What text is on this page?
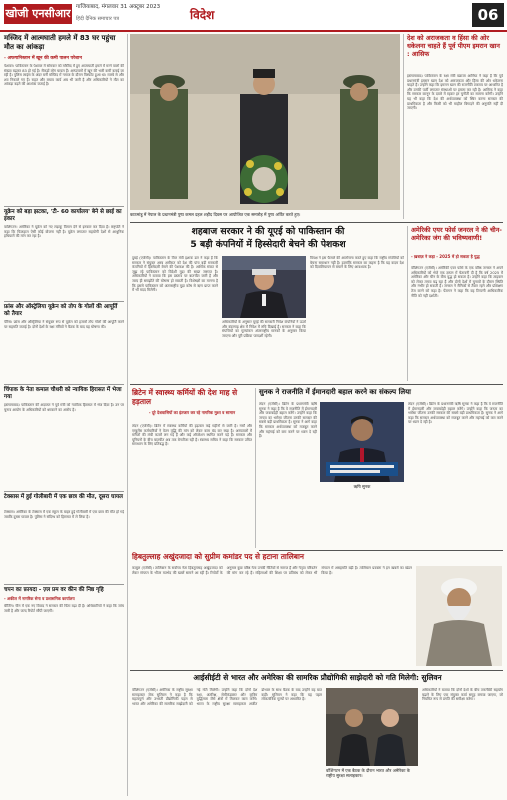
खोजी एनसीआर गाजियाबाद, मंगलवार 31 अक्टूबर 2023
हिंदी दैनिक समाचार पत्र	विदेश	06
मस्जिद में आत्मघाती हमले में 83 घर पहुंचा मौत का आंकड़ा
- अफगानिस्तान में खून की कमी पालन परेशान
पेशावर। पाकिस्तान के पेशावर में सोमवार को मस्जिद में हुए आत्मघाती हमले में मरने वालों की संख्या बढ़कर 83 हो गई है। सैकड़ों लोग घायल हैं। अस्पतालों में खून की भारी कमी बताई जा रही है। पुलिस लाइंस के अंदर बनी मस्जिद में नमाज के दौरान विस्फोट हुआ था। मलबे से और शव निकाले गए हैं। राहत और बचाव कार्य अब भी जारी है और अधिकारियों ने मौत का आंकड़ा बढ़ने की आशंका जताई है।
यूक्रेन को बड़ा झटका, 'टी- 60 कार्यालय' बेने से छाई का इंकार
वाशिंगटन। अमेरिका ने यूक्रेन को नए लड़ाकू विमान देने से इनकार कर दिया है। राष्ट्रपति ने कहा कि फिलहाल ऐसी कोई योजना नहीं है। यूक्रेन लगातार सहयोगी देशों से आधुनिक हथियारों की मांग कर रहा है।
फ्रांस और ऑस्ट्रेलिया यूक्रेन को तोप के गोलों की आपूर्ति को तैयार
पेरिस। फ्रांस और ऑस्ट्रेलिया ने संयुक्त रूप से यूक्रेन को हजारों तोप गोलों की आपूर्ति करने पर सहमति जताई है। दोनों देशों के रक्षा मंत्रियों ने बैठक के बाद यह घोषणा की।
चिंपाक के नेता कमाल चौधरी को न्यायिक हिरासत में भेजा गया
इस्लामाबाद। पाकिस्तान की अदालत ने पूर्व मंत्री को न्यायिक हिरासत में भेज दिया है। उन पर चुनाव आयोग के अधिकारियों को धमकाने का आरोप है।
टेक्सास में हुई गोलीबारी में एक छात्र की मौत, दूसरा घायल
टेक्सास। अमेरिका के टेक्सास में एक स्कूल के बाहर हुई गोलीबारी में एक छात्र की मौत हो गई जबकि दूसरा घायल है। पुलिस ने संदिग्ध को हिरासत में ले लिया है।
चपन का फ़ायदा - ज़्ल प्रम वर कीन की निष्ठ गृहि
- अकील में नागरिक सेना व प्रशासनिक कार्यालय
बीजिंग। चीन में एक नए विवाद ने सरकार की चिंता बढ़ा दी है। अधिकारियों ने कहा कि जांच जारी है और जल्द रिपोर्ट सौंपी जाएगी।
काठमांडू में नेपाल के प्रधानमंत्री पुष्प कमल दहल शहीद दिवस पर आयोजित एक समारोह में पुष्प अर्पित करते हुए।
देश को अराजकता व हिंसा की ओर धकेलना चाहते हैं पूर्व पीएम इमरान खान : आसिफ
इस्लामाबाद। पाकिस्तान के रक्षा मंत्री ख्वाजा आसिफ ने कहा है कि पूर्व प्रधानमंत्री इमरान खान देश को अराजकता और हिंसा की ओर धकेलना चाहते हैं। उन्होंने कहा कि इमरान खान की राजनीति टकराव पर आधारित है और उनकी पार्टी लगातार संस्थाओं पर हमला कर रही है। आसिफ ने कहा कि सरकार कानून के दायरे में रहकर हर चुनौती का सामना करेगी। उन्होंने यह भी कहा कि देश की अर्थव्यवस्था को स्थिर करना सरकार की प्राथमिकता है और किसी को भी माहौल बिगाड़ने की अनुमति नहीं दी जाएगी।
शहबाज सरकार ने की यूएई को पाकिस्तान की
5 बड़ी कंपनियों में हिस्सेदारी बेचने की पेशकश
दुबई (एजेंसी)। पाकिस्तान के वित्त मंत्री इशाक डार ने कहा है कि सरकार ने संयुक्त अरब अमीरात को देश की पांच बड़ी सरकारी कंपनियों में हिस्सेदारी बेचने की पेशकश की है। आर्थिक संकट से जूझ रहे पाकिस्तान को विदेशी मुद्रा की सख्त जरूरत है। अधिकारियों ने बताया कि इस प्रस्ताव पर बातचीत जारी है और जल्द ही समझौते की घोषणा हो सकती है। विशेषज्ञों का मानना है कि इससे पाकिस्तान को अंतरराष्ट्रीय मुद्रा कोष से ऋण प्राप्त करने में भी मदद मिलेगी।
अधिकारियों के अनुसार यूएई की सरकारी निवेश कंपनियों ने ऊर्जा और बंदरगाह क्षेत्र में निवेश में रुचि दिखाई है। सरकार ने कहा कि संपत्तियों का मूल्यांकन अंतरराष्ट्रीय मानकों के अनुसार किया जाएगा और पूरी प्रक्रिया पारदर्शी रहेगी।
विपक्ष ने इस फैसले की आलोचना करते हुए कहा कि राष्ट्रीय संपत्तियों को बेचना समाधान नहीं है। हालांकि सरकार का कहना है कि यह कदम देश को दिवालियापन से बचाने के लिए आवश्यक है।
अमेरिकी एयर फोर्स जनरल ने की चीन- अमेरिका जंग की भविष्यवाणी!
- ख़बाज़ ने कहा - 2025 में हो सकता है युद्ध
वॉशिंगटन (एजेंसी)। अमेरिकी एयर फोर्स के एक वरिष्ठ जनरल ने अपने अधिकारियों को भेजे एक ज्ञापन में चेतावनी दी है कि वर्ष 2025 में अमेरिका और चीन के बीच युद्ध हो सकता है। उन्होंने कहा कि ताइवान को लेकर तनाव बढ़ रहा है और दोनों देशों में चुनावों के दौरान स्थिति और गंभीर हो सकती है। जनरल ने सैनिकों से तैयार रहने और प्रशिक्षण तेज करने को कहा है। पेंटागन ने कहा कि यह टिप्पणी आधिकारिक नीति को नहीं दर्शाती।
ब्रिटेन में स्वास्थ्य कर्मियों की देश माह से हड़ताल
- दूरे देशवासियों का इंतजार कर रहे नागरिक मुश्त व सामान
लंदन (एजेंसी)। ब्रिटेन में स्वास्थ्य कर्मियों की हड़ताल कई महीनों से जारी है। नर्सों और एम्बुलेंस कर्मचारियों ने वेतन वृद्धि की मांग को लेकर काम बंद कर रखा है। अस्पतालों में मरीजों की लंबी कतारें लग गई हैं और कई ऑपरेशन स्थगित करने पड़े हैं। सरकार और यूनियनों के बीच बातचीत अब तक बेनतीजा रही है। स्वास्थ्य सचिव ने कहा कि सरकार उचित समाधान के लिए प्रतिबद्ध है।
सुनक ने राजनीति में ईमानदारी बहाल करने का संकल्प लिया
लंदन (एजेंसी)। ब्रिटेन के प्रधानमंत्री ऋषि सुनक ने कहा है कि वे राजनीति में ईमानदारी और जवाबदेही बहाल करेंगे। उन्होंने कहा कि जनता का भरोसा जीतना उनकी सरकार की सबसे बड़ी प्राथमिकता है। सुनक ने आगे कहा कि सरकार अर्थव्यवस्था को मजबूत करने और महंगाई को कम करने पर ध्यान दे रही है।
ऋषि सुनक
लंदन (एजेंसी)। ब्रिटेन के प्रधानमंत्री ऋषि सुनक ने कहा है कि वे राजनीति में ईमानदारी और जवाबदेही बहाल करेंगे। उन्होंने कहा कि जनता का भरोसा जीतना उनकी सरकार की सबसे बड़ी प्राथमिकता है। सुनक ने आगे कहा कि सरकार अर्थव्यवस्था को मजबूत करने और महंगाई को कम करने पर ध्यान दे रही है।
हिबतुल्लाह अखुंदजादा को सुप्रीम कमांडर पद से हटाना तालिबान
काबुल (एजेंसी)। तालिबान के सर्वोच्च नेता हिबतुल्लाह अखुंदजादा को लेकर संगठन के भीतर मतभेद की खबरें सामने आ रही हैं। रिपोर्टों के अनुसार कुछ वरिष्ठ नेता उनकी नीतियों से नाराज हैं और नेतृत्व परिवर्तन की मांग कर रहे हैं। महिलाओं की शिक्षा पर प्रतिबंध को लेकर भी संगठन में असहमति बढ़ी है। तालिबान प्रवक्ता ने इन खबरों का खंडन किया है।
आईसीईटी से भारत और अमेरिका की सामरिक प्रौद्योगिकी साझेदारी को गति मिलेगी: सुलिवन
वॉशिंगटन (एजेंसी)। अमेरिका के राष्ट्रीय सुरक्षा सलाहकार जेक सुलिवन ने कहा है कि महत्वपूर्ण और उभरती प्रौद्योगिकी पहल से भारत और अमेरिका की सामरिक साझेदारी को नई गति मिलेगी। उन्होंने कहा कि दोनों देश रक्षा, अंतरिक्ष, सेमीकंडक्टर और कृत्रिम बुद्धिमत्ता जैसे क्षेत्रों में मिलकर काम करेंगे। भारत के राष्ट्रीय सुरक्षा सलाहकार अजीत डोभाल के साथ बैठक के बाद उन्होंने यह बात कही। सुलिवन ने कहा कि यह पहल लोकतांत्रिक मूल्यों पर आधारित है।
वॉशिंगटन में एक बैठक के दौरान भारत और अमेरिका के राष्ट्रीय सुरक्षा सलाहकार।
अधिकारियों ने बताया कि दोनों देशों के बीच तकनीकी सहयोग बढ़ाने के लिए एक संयुक्त कार्य समूह बनाया जाएगा, जो नियमित रूप से प्रगति की समीक्षा करेगा।
